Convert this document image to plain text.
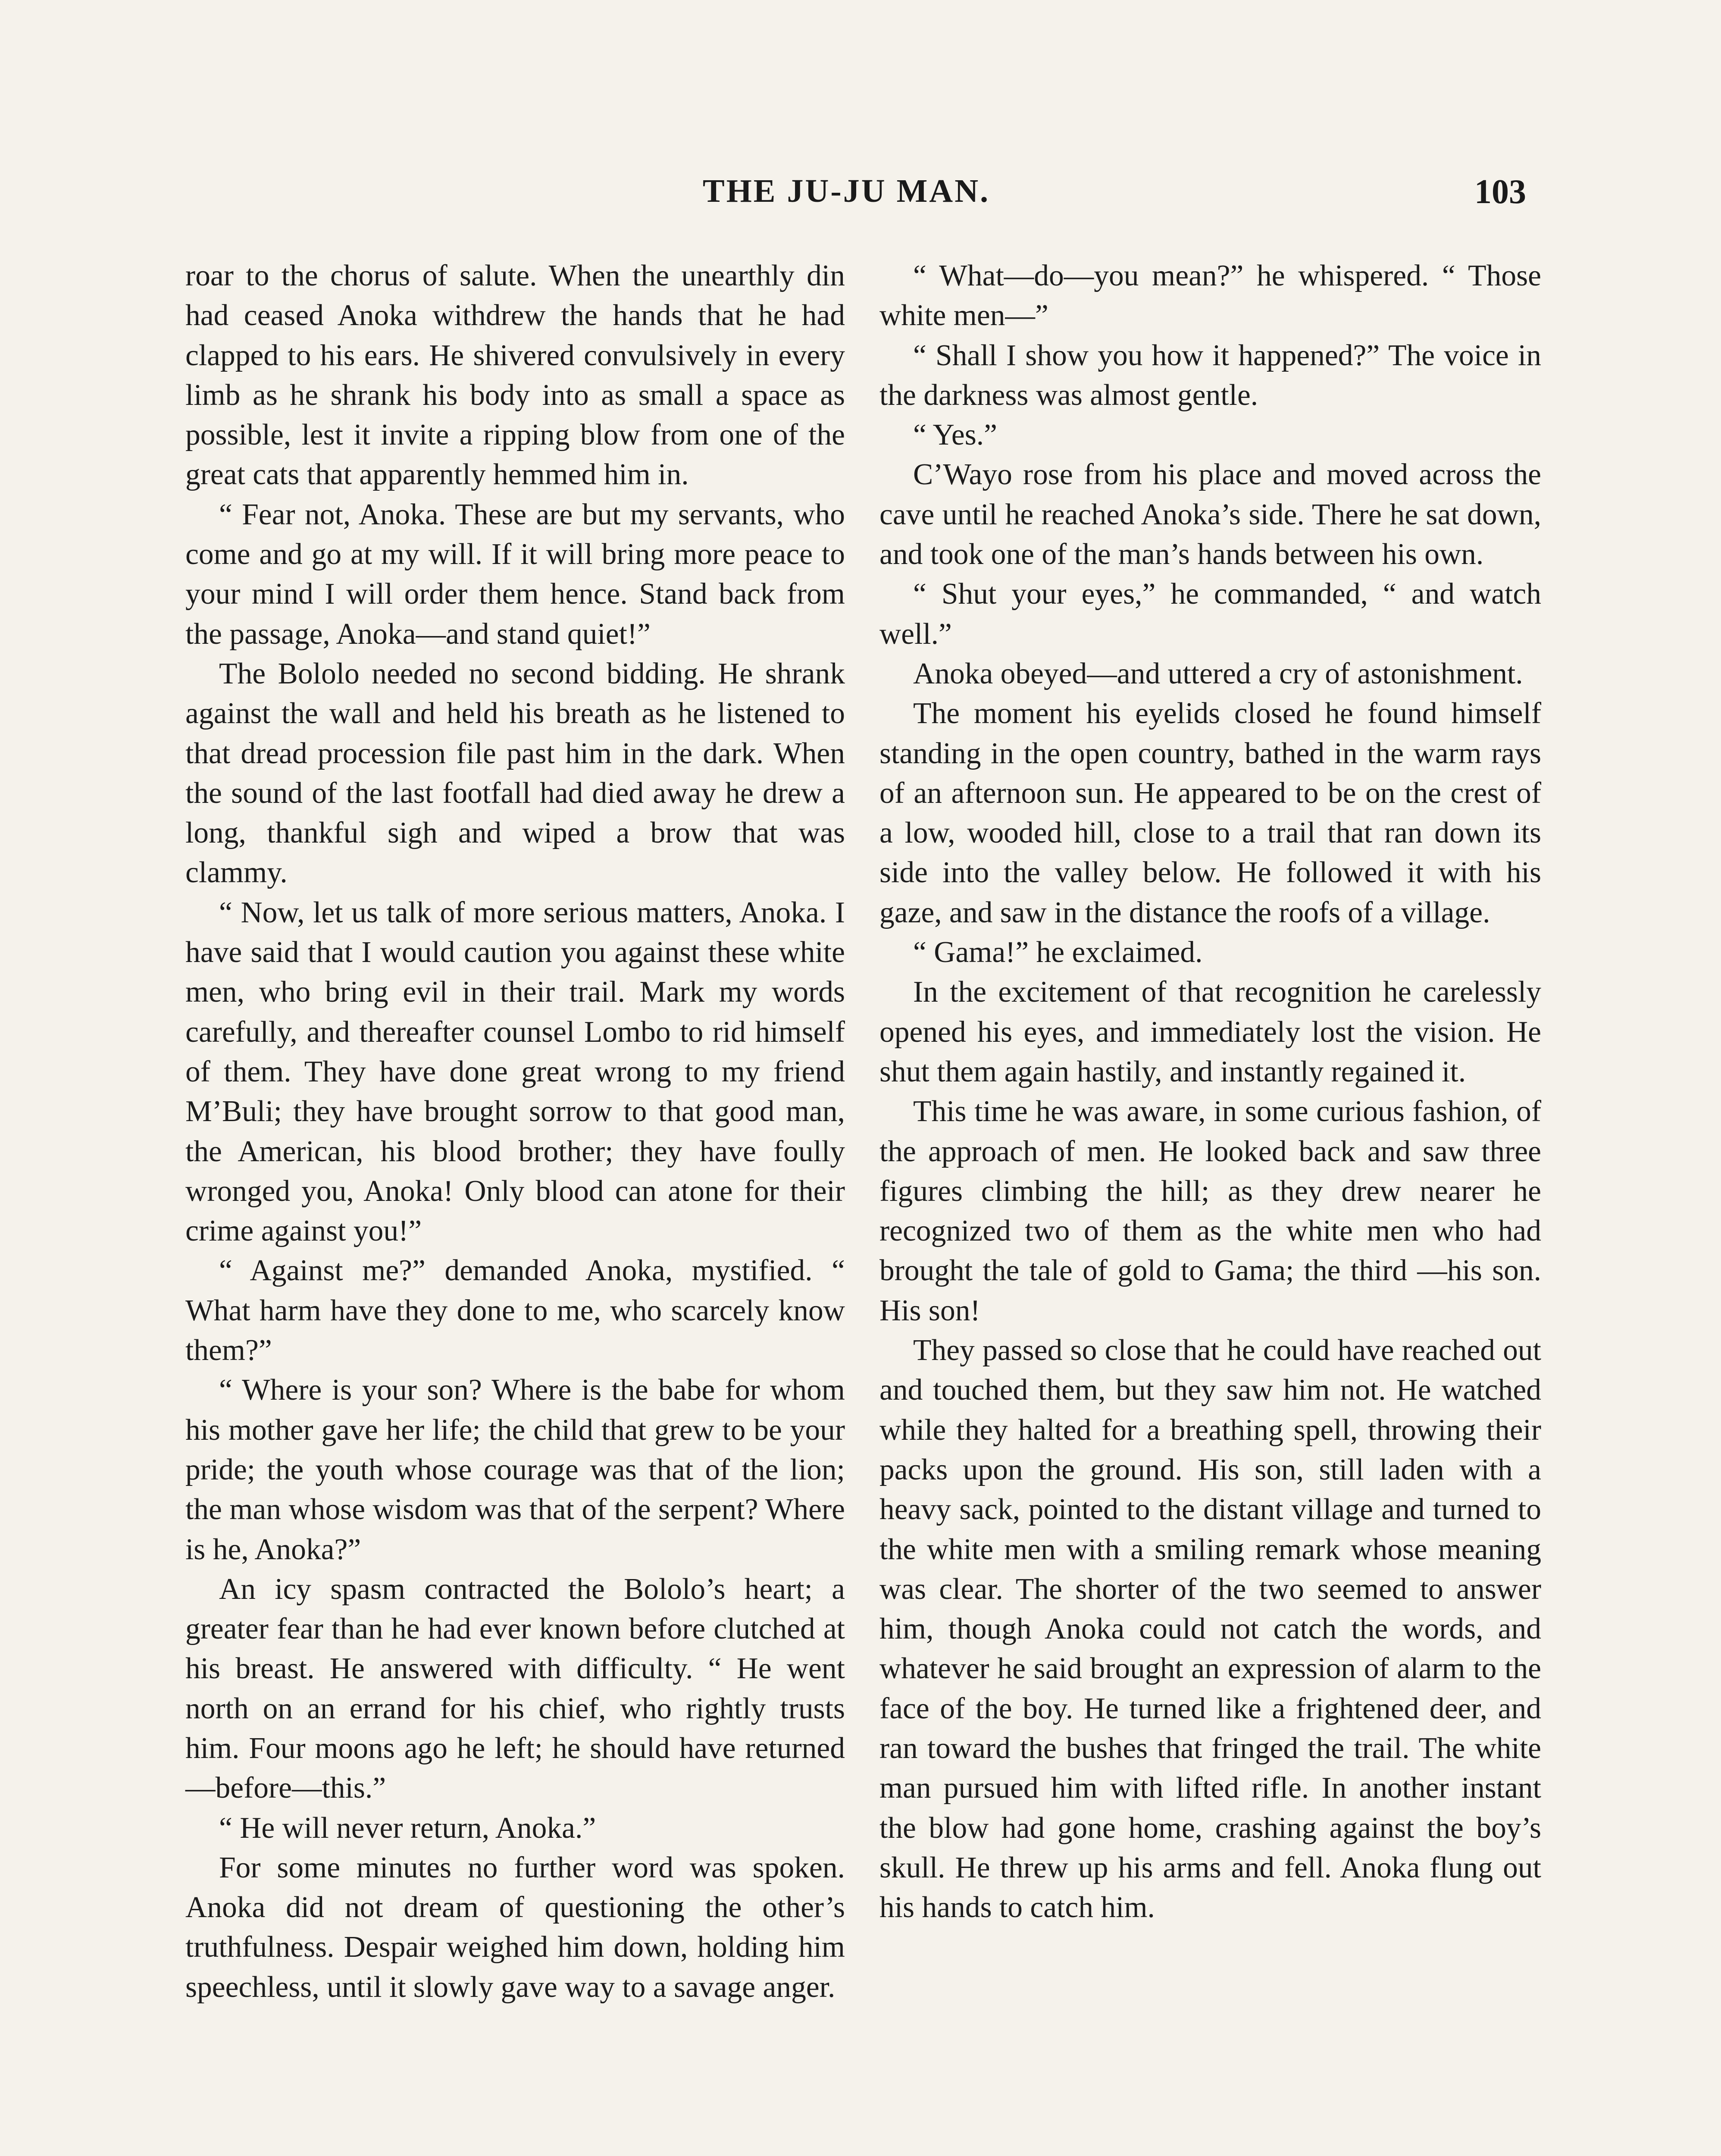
THE JU-JU MAN.	103

roar to the chorus of salute. When the unearthly din had ceased Anoka withdrew the hands that he had clapped to his ears. He shivered convulsively in every limb as he shrank his body into as small a space as possible, lest it invite a ripping blow from one of the great cats that apparently hemmed him in.

“ Fear not, Anoka. These are but my servants, who come and go at my will. If it will bring more peace to your mind I will order them hence. Stand back from the passage, Anoka—and stand quiet!”

The Bololo needed no second bidding. He shrank against the wall and held his breath as he listened to that dread procession file past him in the dark. When the sound of the last footfall had died away he drew a long, thankful sigh and wiped a brow that was clammy.

“ Now, let us talk of more serious matters, Anoka. I have said that I would caution you against these white men, who bring evil in their trail. Mark my words carefully, and thereafter counsel Lombo to rid himself of them. They have done great wrong to my friend M’Buli; they have brought sorrow to that good man, the American, his blood brother; they have foully wronged you, Anoka! Only blood can atone for their crime against you!”

“ Against me?” demanded Anoka, mystified. “ What harm have they done to me, who scarcely know them?”

“ Where is your son? Where is the babe for whom his mother gave her life; the child that grew to be your pride; the youth whose courage was that of the lion; the man whose wisdom was that of the serpent? Where is he, Anoka?”

An icy spasm contracted the Bololo’s heart; a greater fear than he had ever known before clutched at his breast. He answered with difficulty. “ He went north on an errand for his chief, who rightly trusts him. Four moons ago he left; he should have returned—before—this.”

“ He will never return, Anoka.”

For some minutes no further word was spoken. Anoka did not dream of questioning the other’s truthfulness. Despair weighed him down, holding him speechless, until it slowly gave way to a savage anger.

“ What—do—you mean?” he whispered. “ Those white men—”

“ Shall I show you how it happened?” The voice in the darkness was almost gentle.

“ Yes.”

C’Wayo rose from his place and moved across the cave until he reached Anoka’s side. There he sat down, and took one of the man’s hands between his own.

“ Shut your eyes,” he commanded, “ and watch well.”

Anoka obeyed—and uttered a cry of astonishment.

The moment his eyelids closed he found himself standing in the open country, bathed in the warm rays of an afternoon sun. He appeared to be on the crest of a low, wooded hill, close to a trail that ran down its side into the valley below. He followed it with his gaze, and saw in the distance the roofs of a village.

“ Gama!” he exclaimed.

In the excitement of that recognition he carelessly opened his eyes, and immediately lost the vision. He shut them again hastily, and instantly regained it.

This time he was aware, in some curious fashion, of the approach of men. He looked back and saw three figures climbing the hill; as they drew nearer he recognized two of them as the white men who had brought the tale of gold to Gama; the third —his son. His son!

They passed so close that he could have reached out and touched them, but they saw him not. He watched while they halted for a breathing spell, throwing their packs upon the ground. His son, still laden with a heavy sack, pointed to the distant village and turned to the white men with a smiling remark whose meaning was clear. The shorter of the two seemed to answer him, though Anoka could not catch the words, and whatever he said brought an expression of alarm to the face of the boy. He turned like a frightened deer, and ran toward the bushes that fringed the trail. The white man pursued him with lifted rifle. In another instant the blow had gone home, crashing against the boy’s skull. He threw up his arms and fell. Anoka flung out his hands to catch him.
